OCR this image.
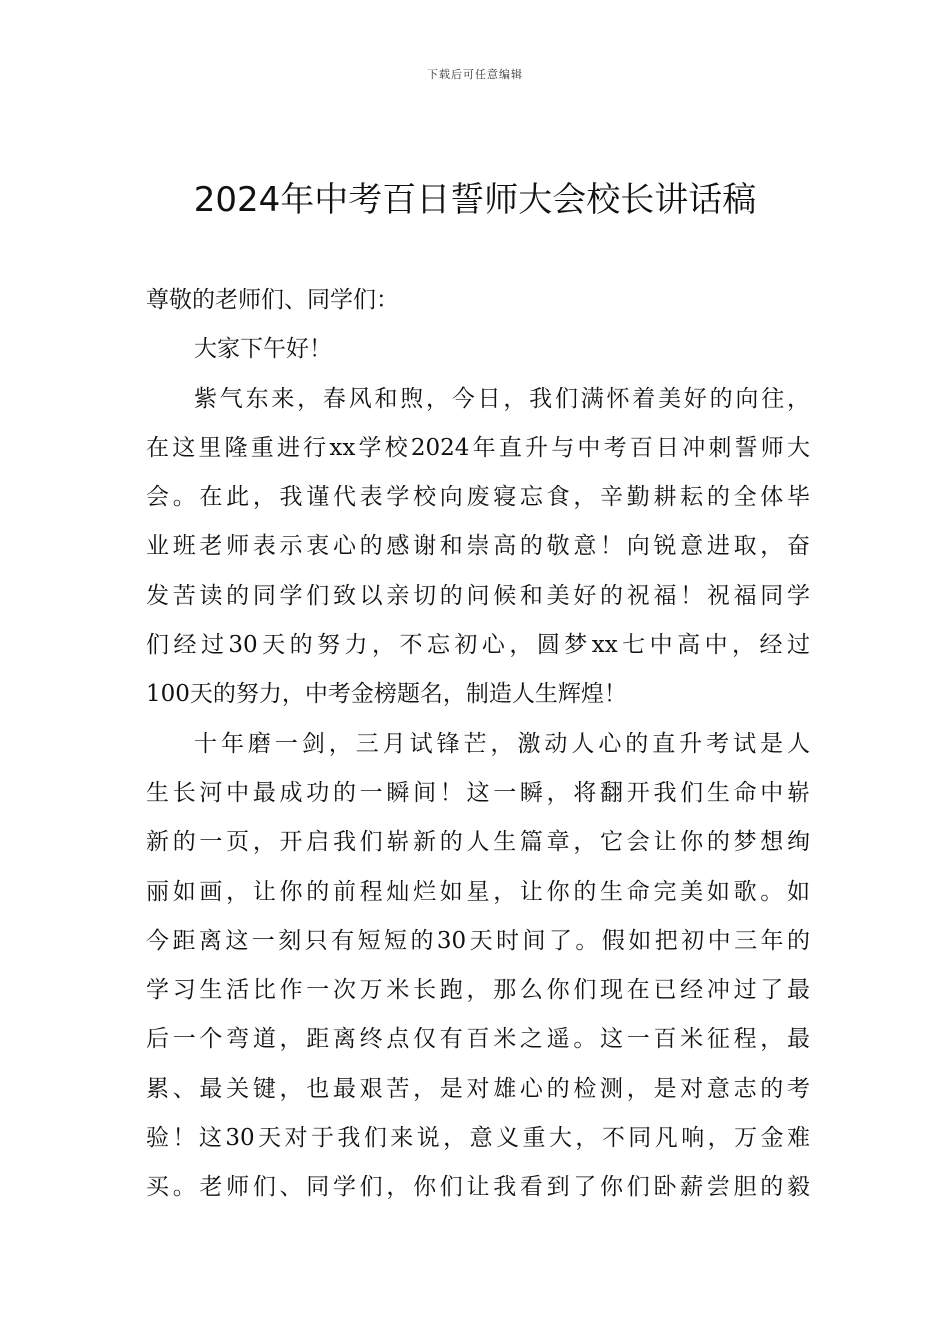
下载后可任意编辑
2024年中考百日誓师大会校长讲话稿
尊敬的老师们、同学们：
大家下午好！
紫气东来，春风和煦，今日，我们满怀着美好的向往，
在这里隆重进行xx学校2024年直升与中考百日冲刺誓师大
会。在此，我谨代表学校向废寝忘食，辛勤耕耘的全体毕
业班老师表示衷心的感谢和崇高的敬意！向锐意进取，奋
发苦读的同学们致以亲切的问候和美好的祝福！祝福同学
们经过30天的努力，不忘初心，圆梦xx七中高中，经过
100天的努力，中考金榜题名，制造人生辉煌！
十年磨一剑，三月试锋芒，激动人心的直升考试是人
生长河中最成功的一瞬间！这一瞬，将翻开我们生命中崭
新的一页，开启我们崭新的人生篇章，它会让你的梦想绚
丽如画，让你的前程灿烂如星，让你的生命完美如歌。如
今距离这一刻只有短短的30天时间了。假如把初中三年的
学习生活比作一次万米长跑，那么你们现在已经冲过了最
后一个弯道，距离终点仅有百米之遥。这一百米征程，最
累、最关键，也最艰苦，是对雄心的检测，是对意志的考
验！这30天对于我们来说，意义重大，不同凡响，万金难
买。老师们、同学们，你们让我看到了你们卧薪尝胆的毅
